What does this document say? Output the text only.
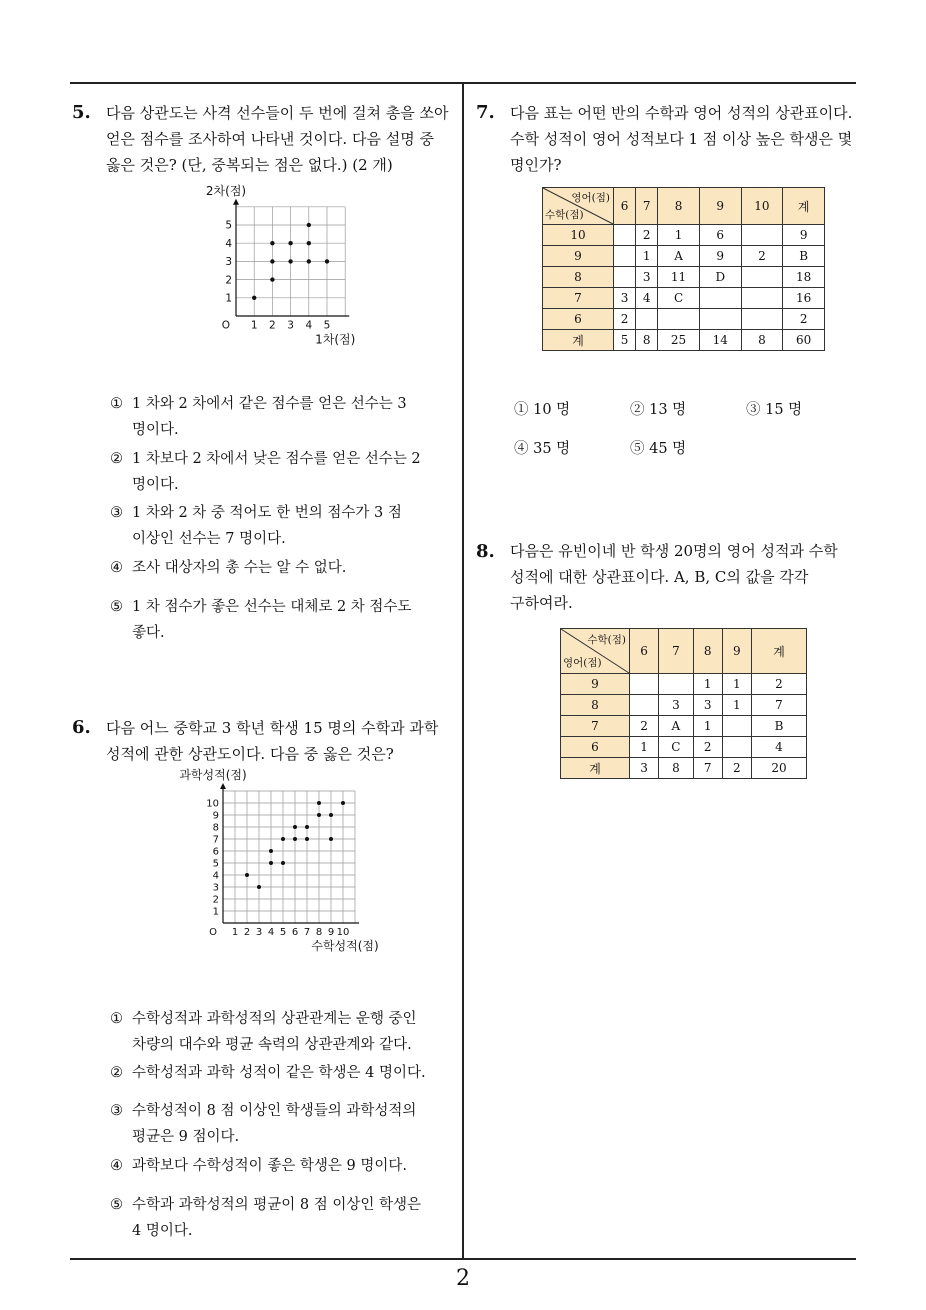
2
5. 다음 상관도는 사격 선수들이 두 번에 걸쳐 총을 쏘아
얻은 점수를 조사하여 나타낸 것이다. 다음 설명 중
옳은 것은? (단, 중복되는 점은 없다.) (2 개)
1 2 3 4 5
1
2
3
4
5
O
2차(점)
1차(점)
① 1 차와 2 차에서 같은 점수를 얻은 선수는 3
명이다.
② 1 차보다 2 차에서 낮은 점수를 얻은 선수는 2
명이다.
③ 1 차와 2 차 중 적어도 한 번의 점수가 3 점
이상인 선수는 7 명이다.
④ 조사 대상자의 총 수는 알 수 없다.
⑤ 1 차 점수가 좋은 선수는 대체로 2 차 점수도
좋다.
6. 다음 어느 중학교 3 학년 학생 15 명의 수학과 과학
성적에 관한 상관도이다. 다음 중 옳은 것은?
1 2 3 4 5 6 7 8 9 10
1
2
3
4
5
6
7
8
9
10
O
과학성적(점)
수학성적(점)
① 수학성적과 과학성적의 상관관계는 운행 중인
차량의 대수와 평균 속력의 상관관계와 같다.
② 수학성적과 과학 성적이 같은 학생은 4 명이다.
③ 수학성적이 8 점 이상인 학생들의 과학성적의
평균은 9 점이다.
④ 과학보다 수학성적이 좋은 학생은 9 명이다.
⑤ 수학과 과학성적의 평균이 8 점 이상인 학생은
4 명이다.
7. 다음 표는 어떤 반의 수학과 영어 성적의 상관표이다.
수학 성적이 영어 성적보다 1 점 이상 높은 학생은 몇
명인가?
영어(점)
수학(점)	6	7	8	9	10	계
10		2	1	6		9
9		1	A	9	2	B
8		3	11	D		18
7	3	4	C			16
6	2					2
계	5	8	25	14	8	60
① 10 명	② 13 명	③ 15 명
④ 35 명	⑤ 45 명
8. 다음은 유빈이네 반 학생 20명의 영어 성적과 수학
성적에 대한 상관표이다. A, B, C의 값을 각각
구하여라.
수학(점)
영어(점)	6	7	8	9	계
9			1	1	2
8		3	3	1	7
7	2	A	1		B
6	1	C	2		4
계	3	8	7	2	20
